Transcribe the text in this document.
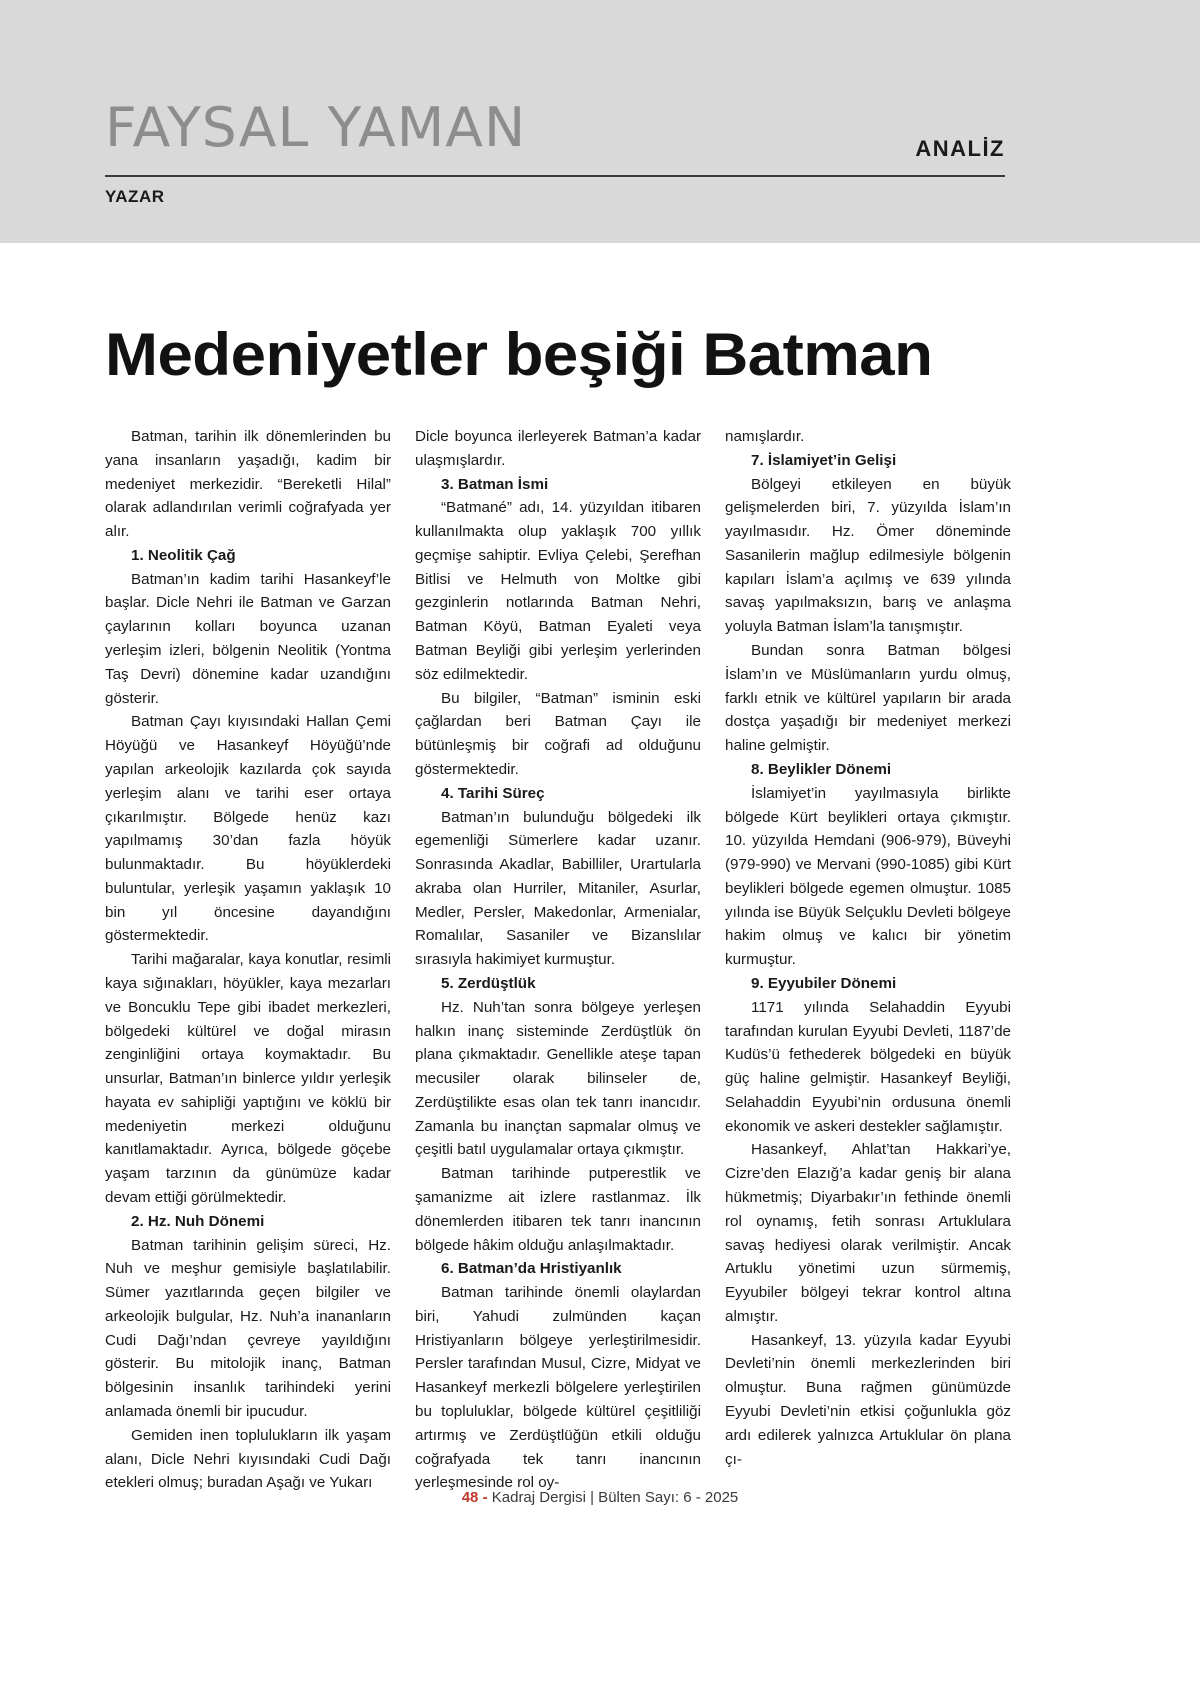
FAYSAL YAMAN	ANALİZ
YAZAR
Medeniyetler beşiği Batman

Batman, tarihin ilk dönemlerinden bu yana insanların yaşadığı, kadim bir medeniyet merkezidir. “Bereketli Hilal” olarak adlandırılan verimli coğrafyada yer alır.

1. Neolitik Çağ

Batman’ın kadim tarihi Hasankeyf’le başlar. Dicle Nehri ile Batman ve Garzan çaylarının kolları boyunca uzanan yerleşim izleri, bölgenin Neolitik (Yontma Taş Devri) dönemine kadar uzandığını gösterir.

Batman Çayı kıyısındaki Hallan Çemi Höyüğü ve Hasankeyf Höyüğü’nde yapılan arkeolojik kazılarda çok sayıda yerleşim alanı ve tarihi eser ortaya çıkarılmıştır. Bölgede henüz kazı yapılmamış 30’dan fazla höyük bulunmaktadır. Bu höyüklerdeki buluntular, yerleşik yaşamın yaklaşık 10 bin yıl öncesine dayandığını göstermektedir.

Tarihi mağaralar, kaya konutlar, resimli kaya sığınakları, höyükler, kaya mezarları ve Boncuklu Tepe gibi ibadet merkezleri, bölgedeki kültürel ve doğal mirasın zenginliğini ortaya koymaktadır. Bu unsurlar, Batman’ın binlerce yıldır yerleşik hayata ev sahipliği yaptığını ve köklü bir medeniyetin merkezi olduğunu kanıtlamaktadır. Ayrıca, bölgede göçebe yaşam tarzının da günümüze kadar devam ettiği görülmektedir.

2. Hz. Nuh Dönemi

Batman tarihinin gelişim süreci, Hz. Nuh ve meşhur gemisiyle başlatılabilir. Sümer yazıtlarında geçen bilgiler ve arkeolojik bulgular, Hz. Nuh’a inananların Cudi Dağı’ndan çevreye yayıldığını gösterir. Bu mitolojik inanç, Batman bölgesinin insanlık tarihindeki yerini anlamada önemli bir ipucudur.

Gemiden inen toplulukların ilk yaşam alanı, Dicle Nehri kıyısındaki Cudi Dağı etekleri olmuş; buradan Aşağı ve Yukarı

Dicle boyunca ilerleyerek Batman’a kadar ulaşmışlardır.

3. Batman İsmi

“Batmané” adı, 14. yüzyıldan itibaren kullanılmakta olup yaklaşık 700 yıllık geçmişe sahiptir. Evliya Çelebi, Şerefhan Bitlisi ve Helmuth von Moltke gibi gezginlerin notlarında Batman Nehri, Batman Köyü, Batman Eyaleti veya Batman Beyliği gibi yerleşim yerlerinden söz edilmektedir.

Bu bilgiler, “Batman” isminin eski çağlardan beri Batman Çayı ile bütünleşmiş bir coğrafi ad olduğunu göstermektedir.

4. Tarihi Süreç

Batman’ın bulunduğu bölgedeki ilk egemenliği Sümerlere kadar uzanır. Sonrasında Akadlar, Babilliler, Urartularla akraba olan Hurriler, Mitaniler, Asurlar, Medler, Persler, Makedonlar, Armenialar, Romalılar, Sasaniler ve Bizanslılar sırasıyla hakimiyet kurmuştur.

5. Zerdüştlük

Hz. Nuh’tan sonra bölgeye yerleşen halkın inanç sisteminde Zerdüştlük ön plana çıkmaktadır. Genellikle ateşe tapan mecusiler olarak bilinseler de, Zerdüştilikte esas olan tek tanrı inancıdır. Zamanla bu inançtan sapmalar olmuş ve çeşitli batıl uygulamalar ortaya çıkmıştır.

Batman tarihinde putperestlik ve şamanizme ait izlere rastlanmaz. İlk dönemlerden itibaren tek tanrı inancının bölgede hâkim olduğu anlaşılmaktadır.

6. Batman’da Hristiyanlık

Batman tarihinde önemli olaylardan biri, Yahudi zulmünden kaçan Hristiyanların bölgeye yerleştirilmesidir. Persler tarafından Musul, Cizre, Midyat ve Hasankeyf merkezli bölgelere yerleştirilen bu topluluklar, bölgede kültürel çeşitliliği artırmış ve Zerdüştlüğün etkili olduğu coğrafyada tek tanrı inancının yerleşmesinde rol oy-

namışlardır.

7. İslamiyet’in Gelişi

Bölgeyi etkileyen en büyük gelişmelerden biri, 7. yüzyılda İslam’ın yayılmasıdır. Hz. Ömer döneminde Sasanilerin mağlup edilmesiyle bölgenin kapıları İslam’a açılmış ve 639 yılında savaş yapılmaksızın, barış ve anlaşma yoluyla Batman İslam’la tanışmıştır.

Bundan sonra Batman bölgesi İslam’ın ve Müslümanların yurdu olmuş, farklı etnik ve kültürel yapıların bir arada dostça yaşadığı bir medeniyet merkezi haline gelmiştir.

8. Beylikler Dönemi

İslamiyet’in yayılmasıyla birlikte bölgede Kürt beylikleri ortaya çıkmıştır. 10. yüzyılda Hemdani (906-979), Büveyhi (979-990) ve Mervani (990-1085) gibi Kürt beylikleri bölgede egemen olmuştur. 1085 yılında ise Büyük Selçuklu Devleti bölgeye hakim olmuş ve kalıcı bir yönetim kurmuştur.

9. Eyyubiler Dönemi

1171 yılında Selahaddin Eyyubi tarafından kurulan Eyyubi Devleti, 1187’de Kudüs’ü fethederek bölgedeki en büyük güç haline gelmiştir. Hasankeyf Beyliği, Selahaddin Eyyubi’nin ordusuna önemli ekonomik ve askeri destekler sağlamıştır.

Hasankeyf, Ahlat’tan Hakkari’ye, Cizre’den Elazığ’a kadar geniş bir alana hükmetmiş; Diyarbakır’ın fethinde önemli rol oynamış, fetih sonrası Artuklulara savaş hediyesi olarak verilmiştir. Ancak Artuklu yönetimi uzun sürmemiş, Eyyubiler bölgeyi tekrar kontrol altına almıştır.

Hasankeyf, 13. yüzyıla kadar Eyyubi Devleti’nin önemli merkezlerinden biri olmuştur. Buna rağmen günümüzde Eyyubi Devleti’nin etkisi çoğunlukla göz ardı edilerek yalnızca Artuklular ön plana çı-

48 - Kadraj Dergisi | Bülten Sayı: 6 - 2025
